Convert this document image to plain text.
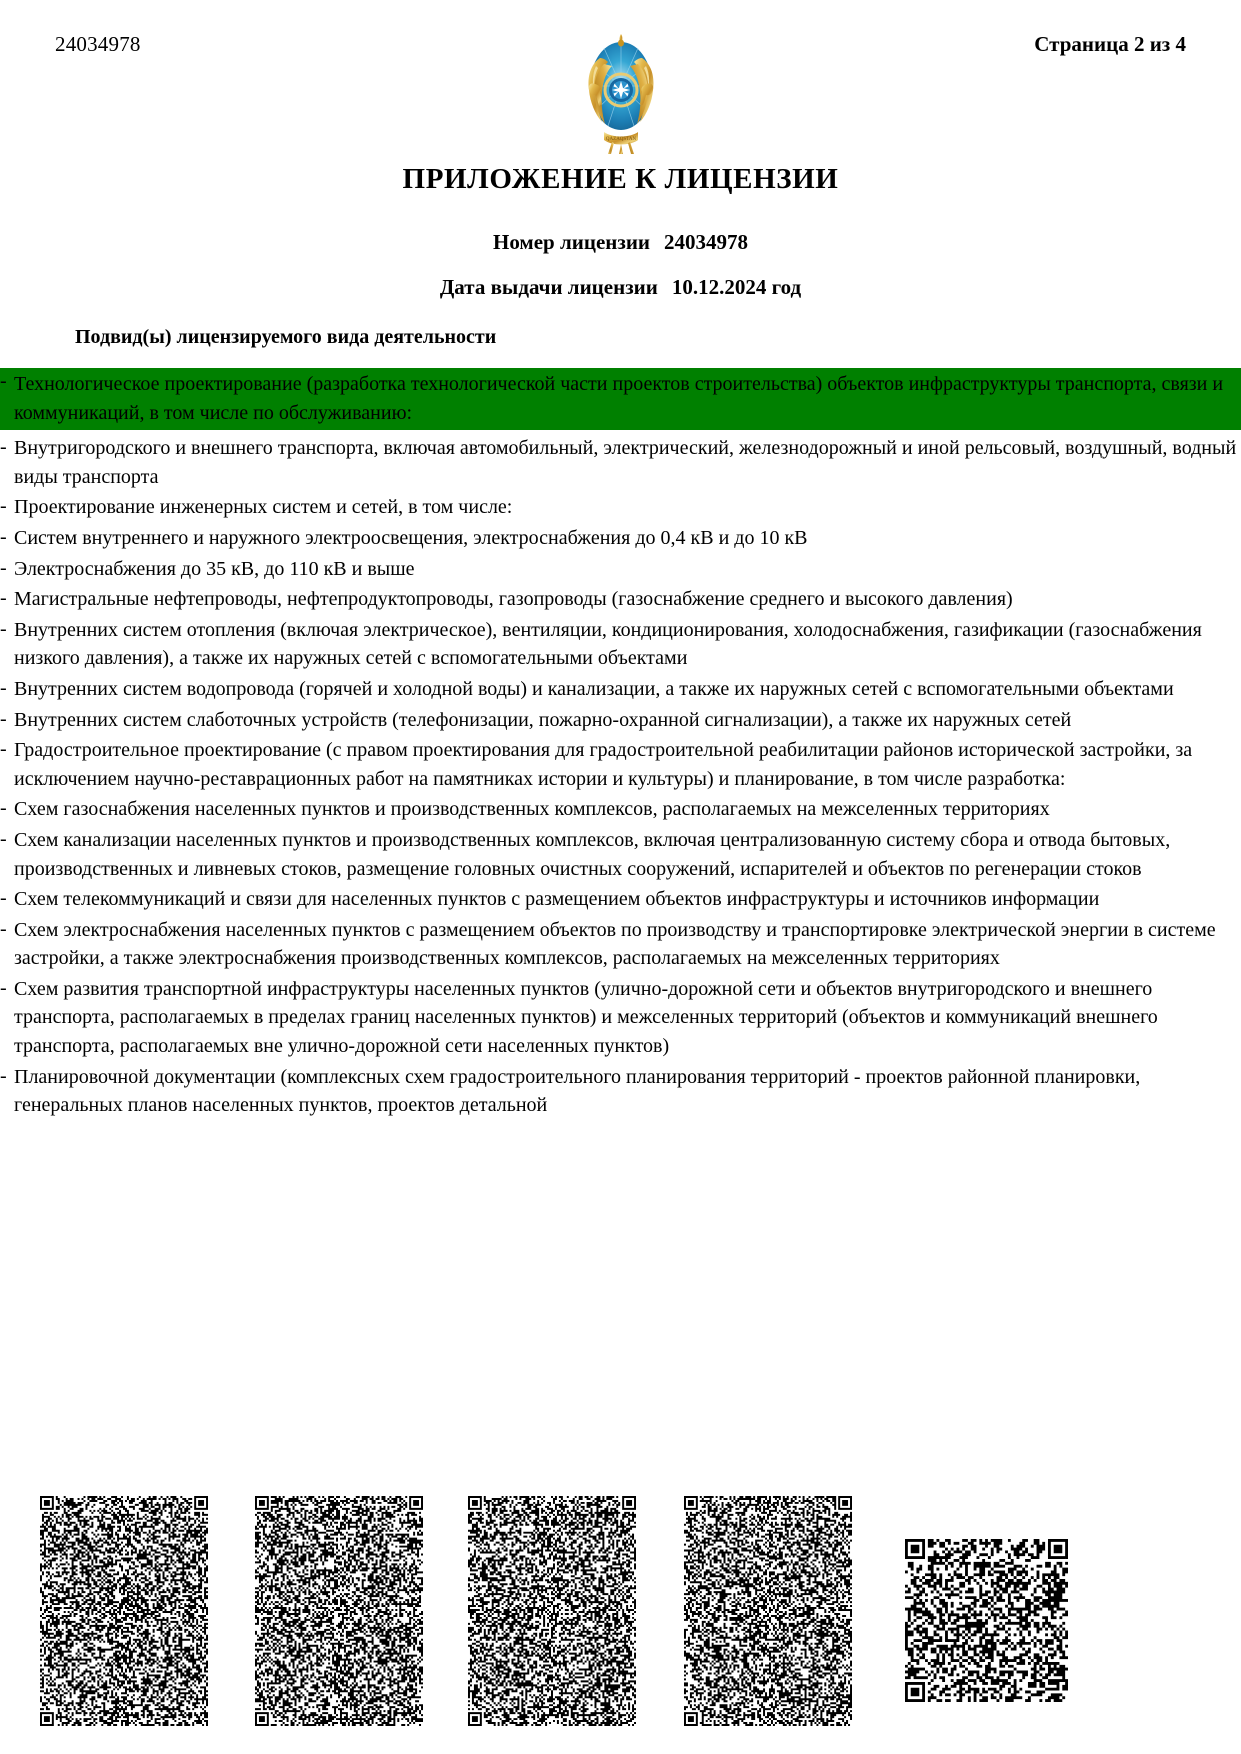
24034978	Страница 2 из 4
QAZAQSTAN
ПРИЛОЖЕНИЕ К ЛИЦЕНЗИИ
Номер лицензии 24034978
Дата выдачи лицензии 10.12.2024 год
Подвид(ы) лицензируемого вида деятельности
- Технологическое проектирование (разработка технологической части проектов строительства) объектов инфраструктуры транспорта, связи и коммуникаций, в том числе по обслуживанию:
- Внутригородского и внешнего транспорта, включая автомобильный, электрический, железнодорожный и иной рельсовый, воздушный, водный виды транспорта
- Проектирование инженерных систем и сетей, в том числе:
- Систем внутреннего и наружного электроосвещения, электроснабжения до 0,4 кВ и до 10 кВ
- Электроснабжения до 35 кВ, до 110 кВ и выше
- Магистральные нефтепроводы, нефтепродуктопроводы, газопроводы (газоснабжение среднего и высокого давления)
- Внутренних систем отопления (включая электрическое), вентиляции, кондиционирования, холодоснабжения, газификации (газоснабжения низкого давления), а также их наружных сетей с вспомогательными объектами
- Внутренних систем водопровода (горячей и холодной воды) и канализации, а также их наружных сетей с вспомогательными объектами
- Внутренних систем слаботочных устройств (телефонизации, пожарно-охранной сигнализации), а также их наружных сетей
- Градостроительное проектирование (с правом проектирования для градостроительной реабилитации районов исторической застройки, за исключением научно-реставрационных работ на памятниках истории и культуры) и планирование, в том числе разработка:
- Схем газоснабжения населенных пунктов и производственных комплексов, располагаемых на межселенных территориях
- Схем канализации населенных пунктов и производственных комплексов, включая централизованную систему сбора и отвода бытовых, производственных и ливневых стоков, размещение головных очистных сооружений, испарителей и объектов по регенерации стоков
- Схем телекоммуникаций и связи для населенных пунктов с размещением объектов инфраструктуры и источников информации
- Схем электроснабжения населенных пунктов с размещением объектов по производству и транспортировке электрической энергии в системе застройки, а также электроснабжения производственных комплексов, располагаемых на межселенных территориях
- Схем развития транспортной инфраструктуры населенных пунктов (улично-дорожной сети и объектов внутригородского и внешнего транспорта, располагаемых в пределах границ населенных пунктов) и межселенных территорий (объектов и коммуникаций внешнего транспорта, располагаемых вне улично-дорожной сети населенных пунктов)
- Планировочной документации (комплексных схем градостроительного планирования территорий - проектов районной планировки, генеральных планов населенных пунктов, проектов детальной
